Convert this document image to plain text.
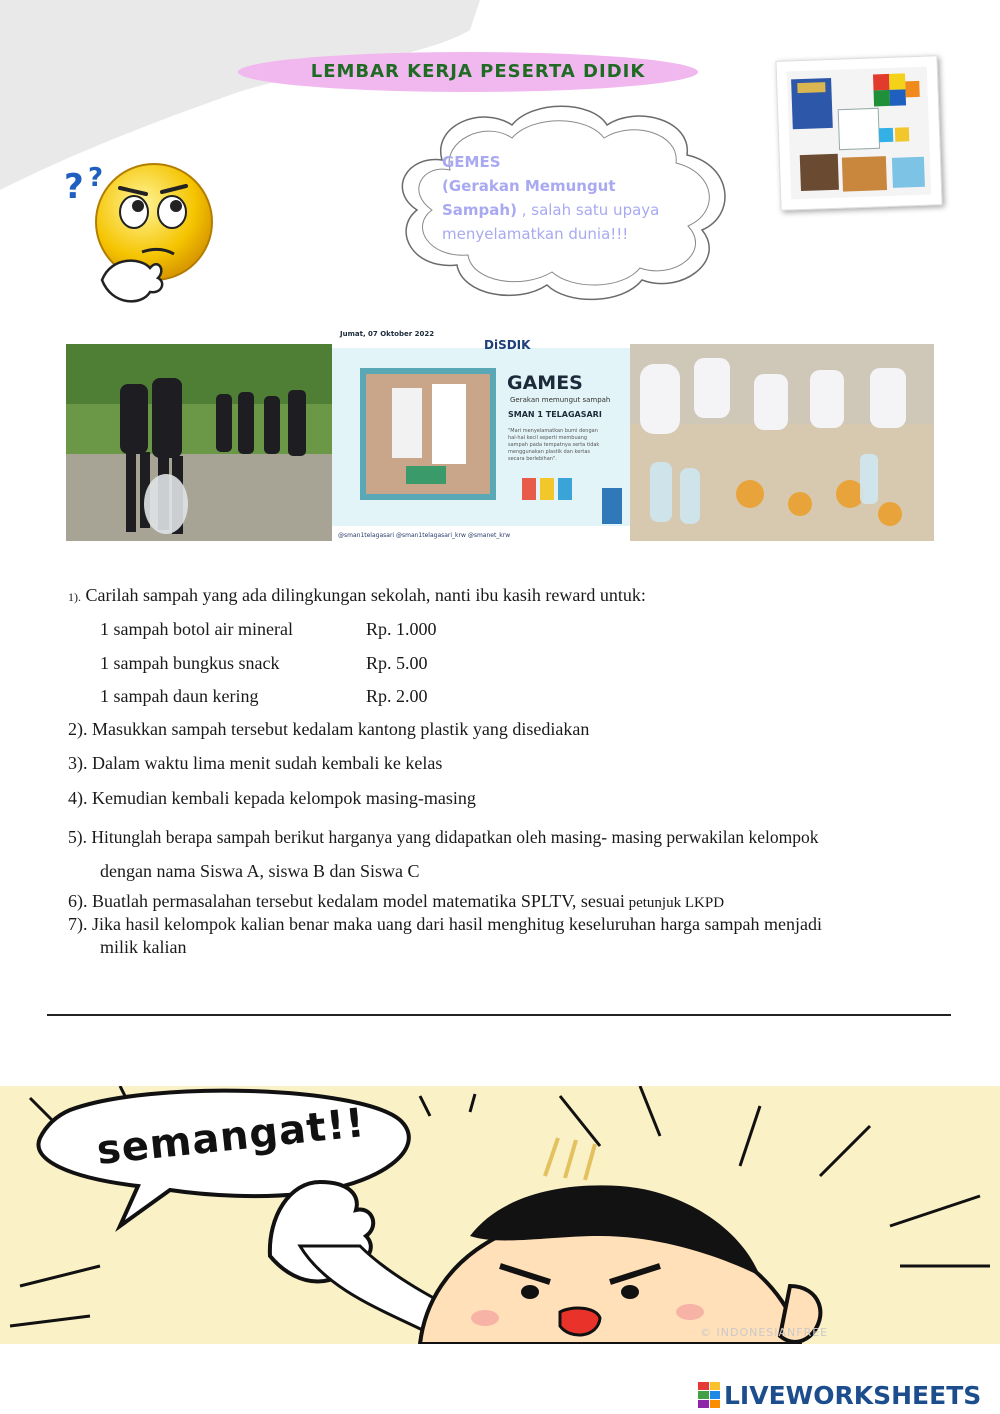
LEMBAR KERJA PESERTA DIDIK
GEMES
(Gerakan Memungut
Sampah) , salah satu upaya
menyelamatkan dunia!!!
? ?
"Mari menyelamatkan bumi dengan
hal-hal kecil seperti membuang
sampah pada tempatnya serta tidak
menggunakan plastik dan kertas
secara berlebihan".
@sman1telagasari @sman1telagasari_krw @smanet_krw
Jumat, 07 Oktober 2022
DiSDIK
GAMES
Gerakan memungut sampah
SMAN 1 TELAGASARI
1). Carilah sampah yang ada dilingkungan sekolah, nanti ibu kasih reward untuk:
1 sampah botol air mineral	Rp. 1.000
1 sampah bungkus snack	Rp. 5.00
1 sampah daun kering	Rp. 2.00
2). Masukkan sampah tersebut kedalam kantong plastik yang disediakan
3). Dalam waktu lima menit sudah kembali ke kelas
4). Kemudian kembali kepada kelompok masing-masing
5). Hitunglah berapa sampah berikut harganya yang didapatkan oleh masing- masing perwakilan kelompok
dengan nama Siswa A, siswa B dan Siswa C
6). Buatlah permasalahan tersebut kedalam model matematika SPLTV, sesuai petunjuk LKPD
7). Jika hasil kelompok kalian benar maka uang dari hasil menghitug keseluruhan harga sampah menjadi
milik kalian
semangat!!
© INDONESIANFREE
LIVEWORKSHEETS
